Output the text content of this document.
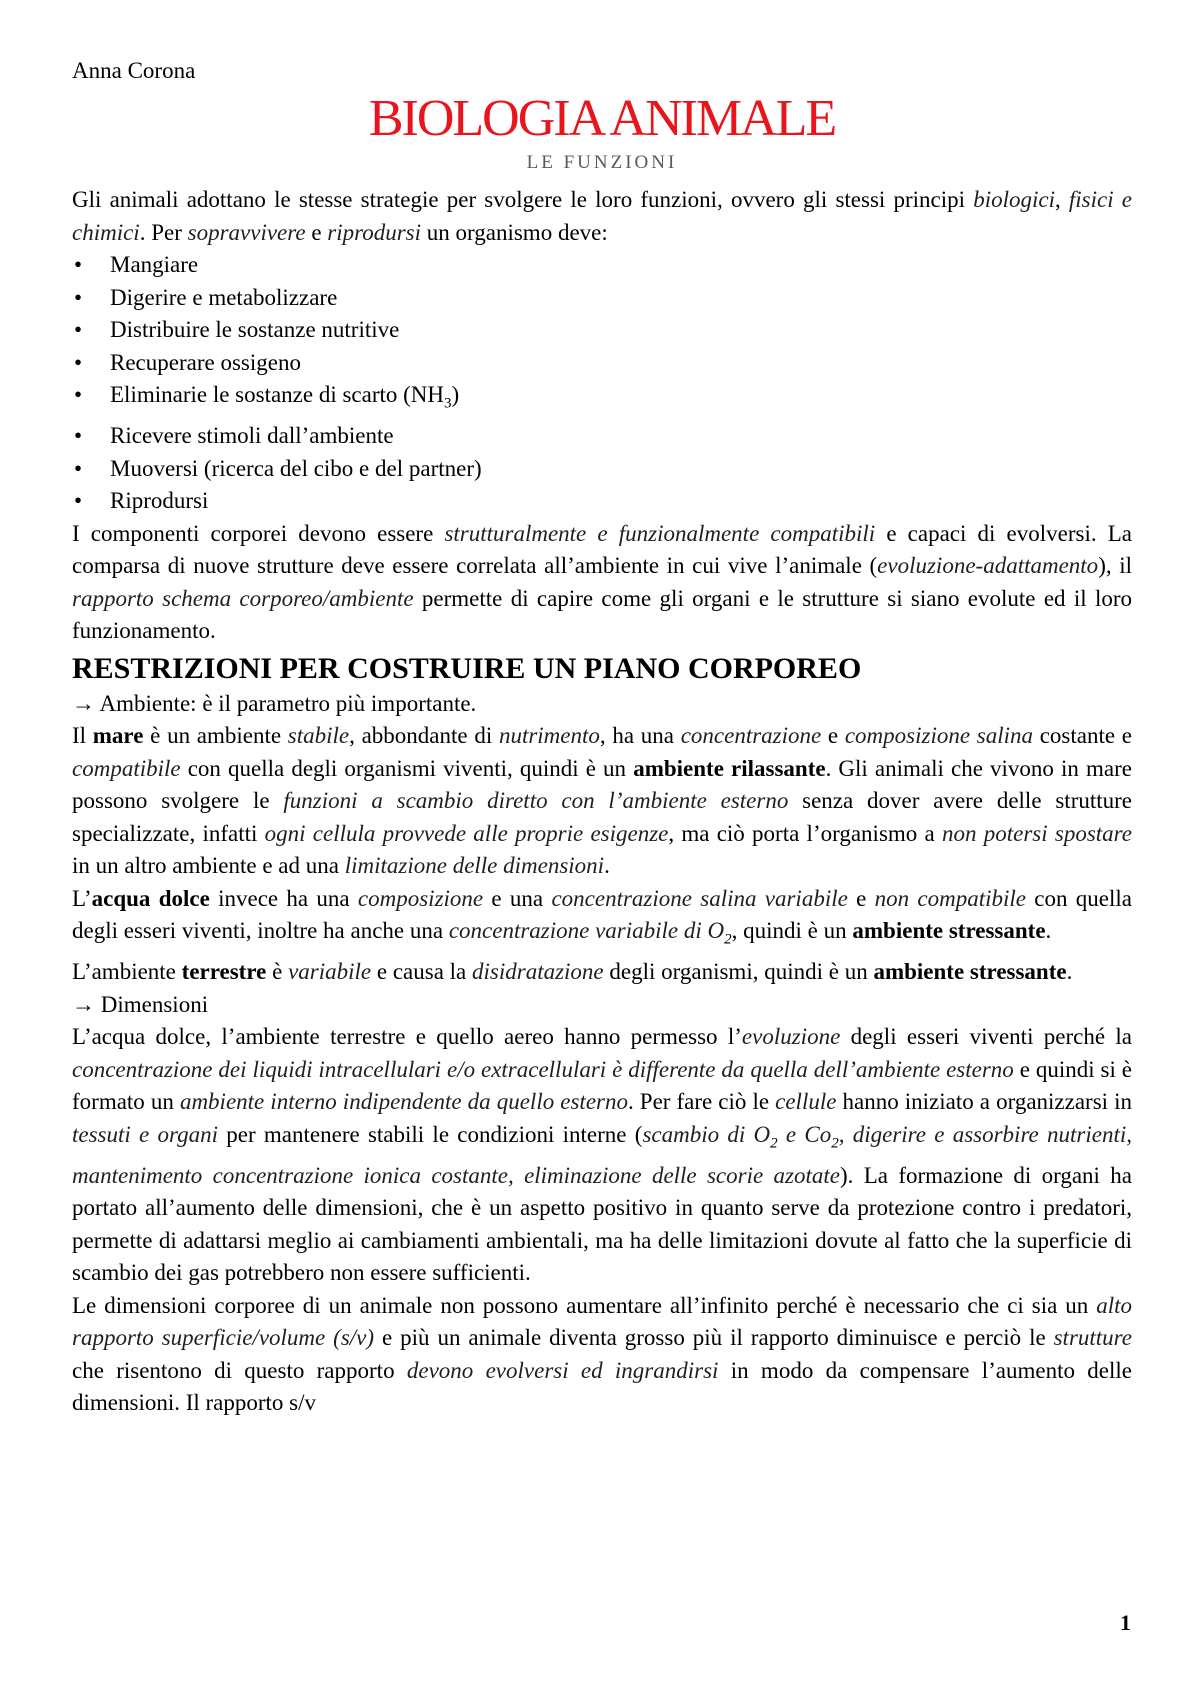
Anna Corona

BIOLOGIA ANIMALE

LE FUNZIONI

Gli animali adottano le stesse strategie per svolgere le loro funzioni, ovvero gli stessi principi biologici, fisici e chimici. Per sopravvivere e riprodursi un organismo deve:

• Mangiare
• Digerire e metabolizzare
• Distribuire le sostanze nutritive
• Recuperare ossigeno
• Eliminarie le sostanze di scarto $(NH_3)$
• Ricevere stimoli dall’ambiente
• Muoversi (ricerca del cibo e del partner)
• Riprodursi

I componenti corporei devono essere strutturalmente e funzionalmente compatibili e capaci di evolversi. La comparsa di nuove strutture deve essere correlata all’ambiente in cui vive l’animale (evoluzione-adattamento), il rapporto schema corporeo/ambiente permette di capire come gli organi e le strutture si siano evolute ed il loro funzionamento.

RESTRIZIONI PER COSTRUIRE UN PIANO CORPOREO

→ Ambiente: è il parametro più importante.

Il mare è un ambiente stabile, abbondante di nutrimento, ha una concentrazione e composizione salina costante e compatibile con quella degli organismi viventi, quindi è un ambiente rilassante. Gli animali che vivono in mare possono svolgere le funzioni a scambio diretto con l’ambiente esterno senza dover avere delle strutture specializzate, infatti ogni cellula provvede alle proprie esigenze, ma ciò porta l’organismo a non potersi spostare in un altro ambiente e ad una limitazione delle dimensioni.

L’acqua dolce invece ha una composizione e una concentrazione salina variabile e non compatibile con quella degli esseri viventi, inoltre ha anche una concentrazione variabile di $O_2$, quindi è un ambiente stressante.

L’ambiente terrestre è variabile e causa la disidratazione degli organismi, quindi è un ambiente stressante.

→ Dimensioni

L’acqua dolce, l’ambiente terrestre e quello aereo hanno permesso l’evoluzione degli esseri viventi perché la concentrazione dei liquidi intracellulari e/o extracellulari è differente da quella dell’ambiente esterno e quindi si è formato un ambiente interno indipendente da quello esterno. Per fare ciò le cellule hanno iniziato a organizzarsi in tessuti e organi per mantenere stabili le condizioni interne (scambio di $O_2$ e $Co_2$, digerire e assorbire nutrienti, mantenimento concentrazione ionica costante, eliminazione delle scorie azotate). La formazione di organi ha portato all’aumento delle dimensioni, che è un aspetto positivo in quanto serve da protezione contro i predatori, permette di adattarsi meglio ai cambiamenti ambientali, ma ha delle limitazioni dovute al fatto che la superficie di scambio dei gas potrebbero non essere sufficienti.

Le dimensioni corporee di un animale non possono aumentare all’infinito perché è necessario che ci sia un alto rapporto superficie/volume (s/v) e più un animale diventa grosso più il rapporto diminuisce e perciò le strutture che risentono di questo rapporto devono evolversi ed ingrandirsi in modo da compensare l’aumento delle dimensioni. Il rapporto s/v

1
